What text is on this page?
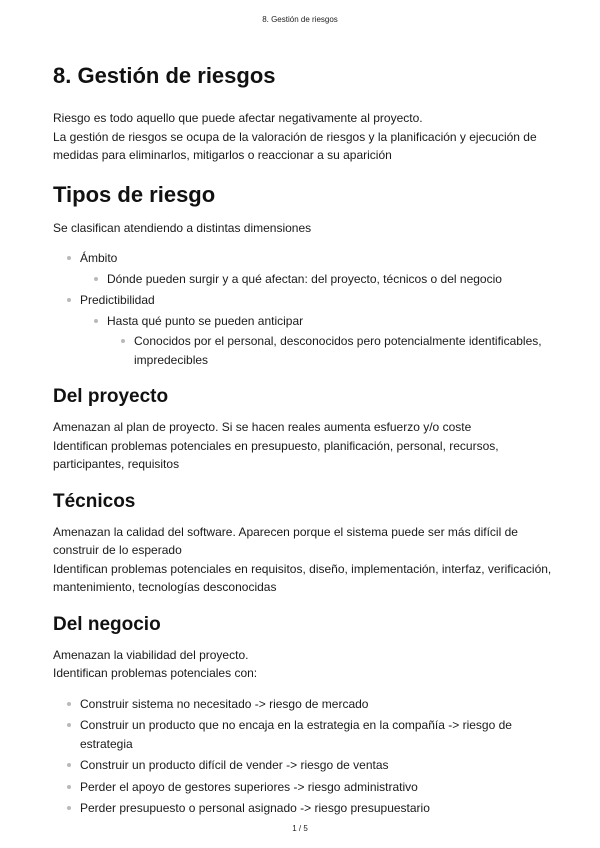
8. Gestión de riesgos
8. Gestión de riesgos

Riesgo es todo aquello que puede afectar negativamente al proyecto.
La gestión de riesgos se ocupa de la valoración de riesgos y la planificación y ejecución de medidas para eliminarlos, mitigarlos o reaccionar a su aparición

Tipos de riesgo

Se clasifican atendiendo a distintas dimensiones

Ámbito
Dónde pueden surgir y a qué afectan: del proyecto, técnicos o del negocio
Predictibilidad
Hasta qué punto se pueden anticipar
Conocidos por el personal, desconocidos pero potencialmente identificables, impredecibles
Del proyecto

Amenazan al plan de proyecto. Si se hacen reales aumenta esfuerzo y/o coste
Identifican problemas potenciales en presupuesto, planificación, personal, recursos, participantes, requisitos

Técnicos

Amenazan la calidad del software. Aparecen porque el sistema puede ser más difícil de construir de lo esperado
Identifican problemas potenciales en requisitos, diseño, implementación, interfaz, verificación, mantenimiento, tecnologías desconocidas

Del negocio

Amenazan la viabilidad del proyecto.
Identifican problemas potenciales con:

Construir sistema no necesitado -> riesgo de mercado
Construir un producto que no encaja en la estrategia en la compañía -> riesgo de estrategia
Construir un producto difícil de vender -> riesgo de ventas
Perder el apoyo de gestores superiores -> riesgo administrativo
Perder presupuesto o personal asignado -> riesgo presupuestario
1 / 5
